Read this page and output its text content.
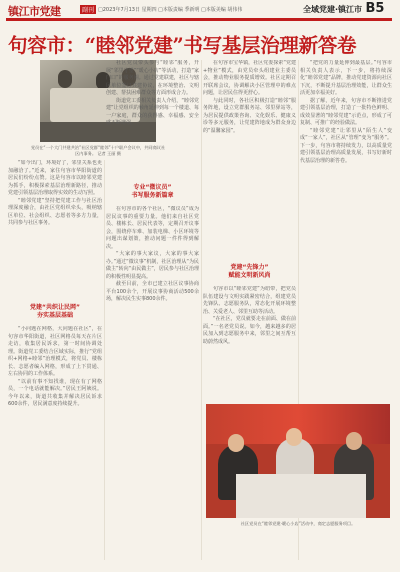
镇江市党建	副刊 □2023年7月13日 星期四 □本版责编 季新明 □本版美编 胡伟伟	全域党建·镇江市 B5
句容市：“睦邻党建”书写基层治理新答卷
党员在“一个大门共建共治”社区党群“睦邻”十户联户会议中，共同商议社区内事务。 记者 王丽 摄

“如今出门，环境好了，邻里关系也更加融洽了。”近来，家住句容市华阳街道的居民们纷纷点赞。这是句容市以睦邻党建为抓手，积极探索基层治理新路径，推动党建引领基层治理取得实效的生动写照。

“睦邻党建”坚持把党建工作与社区治理深度融合，由社区党组织牵头，吸纳辖区单位、社会组织、志愿者等多方力量，共同参与社区事务。

党建“共织让民网”
夯实基层基础

“小问题在网格，大问题在社区”，在句容市华阳街道，社区网格员每天在片区走访，收集居民诉求，第一时间协调处理。街道党工委结合区域实际，推行“党组织+网格+睦邻”治理模式，将党员、楼栋长、志愿者编入网格，形成了上下贯通、左右协同的工作体系。

“以前有事不知找谁，现在有了网格员，一个电话就能解决。”居民王阿姨说。今年以来，街道共收集并解决居民诉求600余件，居民满意度持续提升。

社区党员带头参与“睦邻”服务，开展“邻里守望”“暖心小店”等活动，打造“家门口”的服务圈。通过党建联建，社区与辖区单位签订共建协议，在环境整治、文明创建、帮扶困难群众等方面形成合力。

街道党工委相关负责人介绍，“睦邻党建”让党组织的触角延伸到每一个楼道、每一户家庭，群众的获得感、幸福感、安全感不断增强。

专业“微议员”
书写服务新篇章

在句容市的各个社区，“微议员”成为居民议事的重要力量。他们来自社区党员、楼栋长、居民代表等，定期召开议事会，围绕停车难、加装电梯、小区环境等问题出谋划策，推动问题一件件得到解决。

“大家的事大家议，大家的事大家办。”通过“微议事”机制，社区治理从“为民做主”转向“由民做主”，居民参与社区治理的积极性明显提高。

截至目前，全市已建立社区议事协商平台100余个，开展议事协商活动500余场，解决民生实事800余件。

在句容市宝华镇，社区党委探索“党建+物业”模式，由党员牵头组建业主委员会，推动物业服务提质增效。社区定期召开联席会议，协调解决小区管理中的难点问题，让居民住得更舒心。

与此同时，各社区积极打造“睦邻”服务阵地，设立党群服务站、邻里驿站等，为居民提供政策咨询、文化娱乐、健康义诊等多元服务，让党建阵地成为群众身边的“温馨家园”。

党建“先锋力”
赋能文明新风尚

句容市以“睦邻党建”为纽带，把党员队伍建设与文明实践紧密结合，组建党员先锋队、志愿服务队，常态化开展环境整治、关爱老人、邻里互助等活动。

“在社区，党员就要走在前面、做在前面。”一名老党员说。如今，越来越多的居民加入到志愿服务中来，邻里之间互帮互助蔚然成风。

“把党的力量延伸到最基层。”句容市相关负责人表示，下一步，将持续深化“睦邻党建”品牌，推动党建资源向社区下沉，不断提升基层治理效能，让群众生活更加幸福美好。

据了解，近年来，句容市不断推进党建引领基层治理，打造了一批特色鲜明、成效显著的“睦邻党建”示范点，形成了可复制、可推广的经验做法。

“睦邻党建”让邻里从“陌生人”变成“一家人”，社区从“管理”变为“服务”。下一步，句容市将持续发力，以高质量党建引领基层治理高质量发展，书写好新时代基层治理的新答卷。

社区党员在“睦邻党建·暖心小店”活动中，商定志愿服务项目。
